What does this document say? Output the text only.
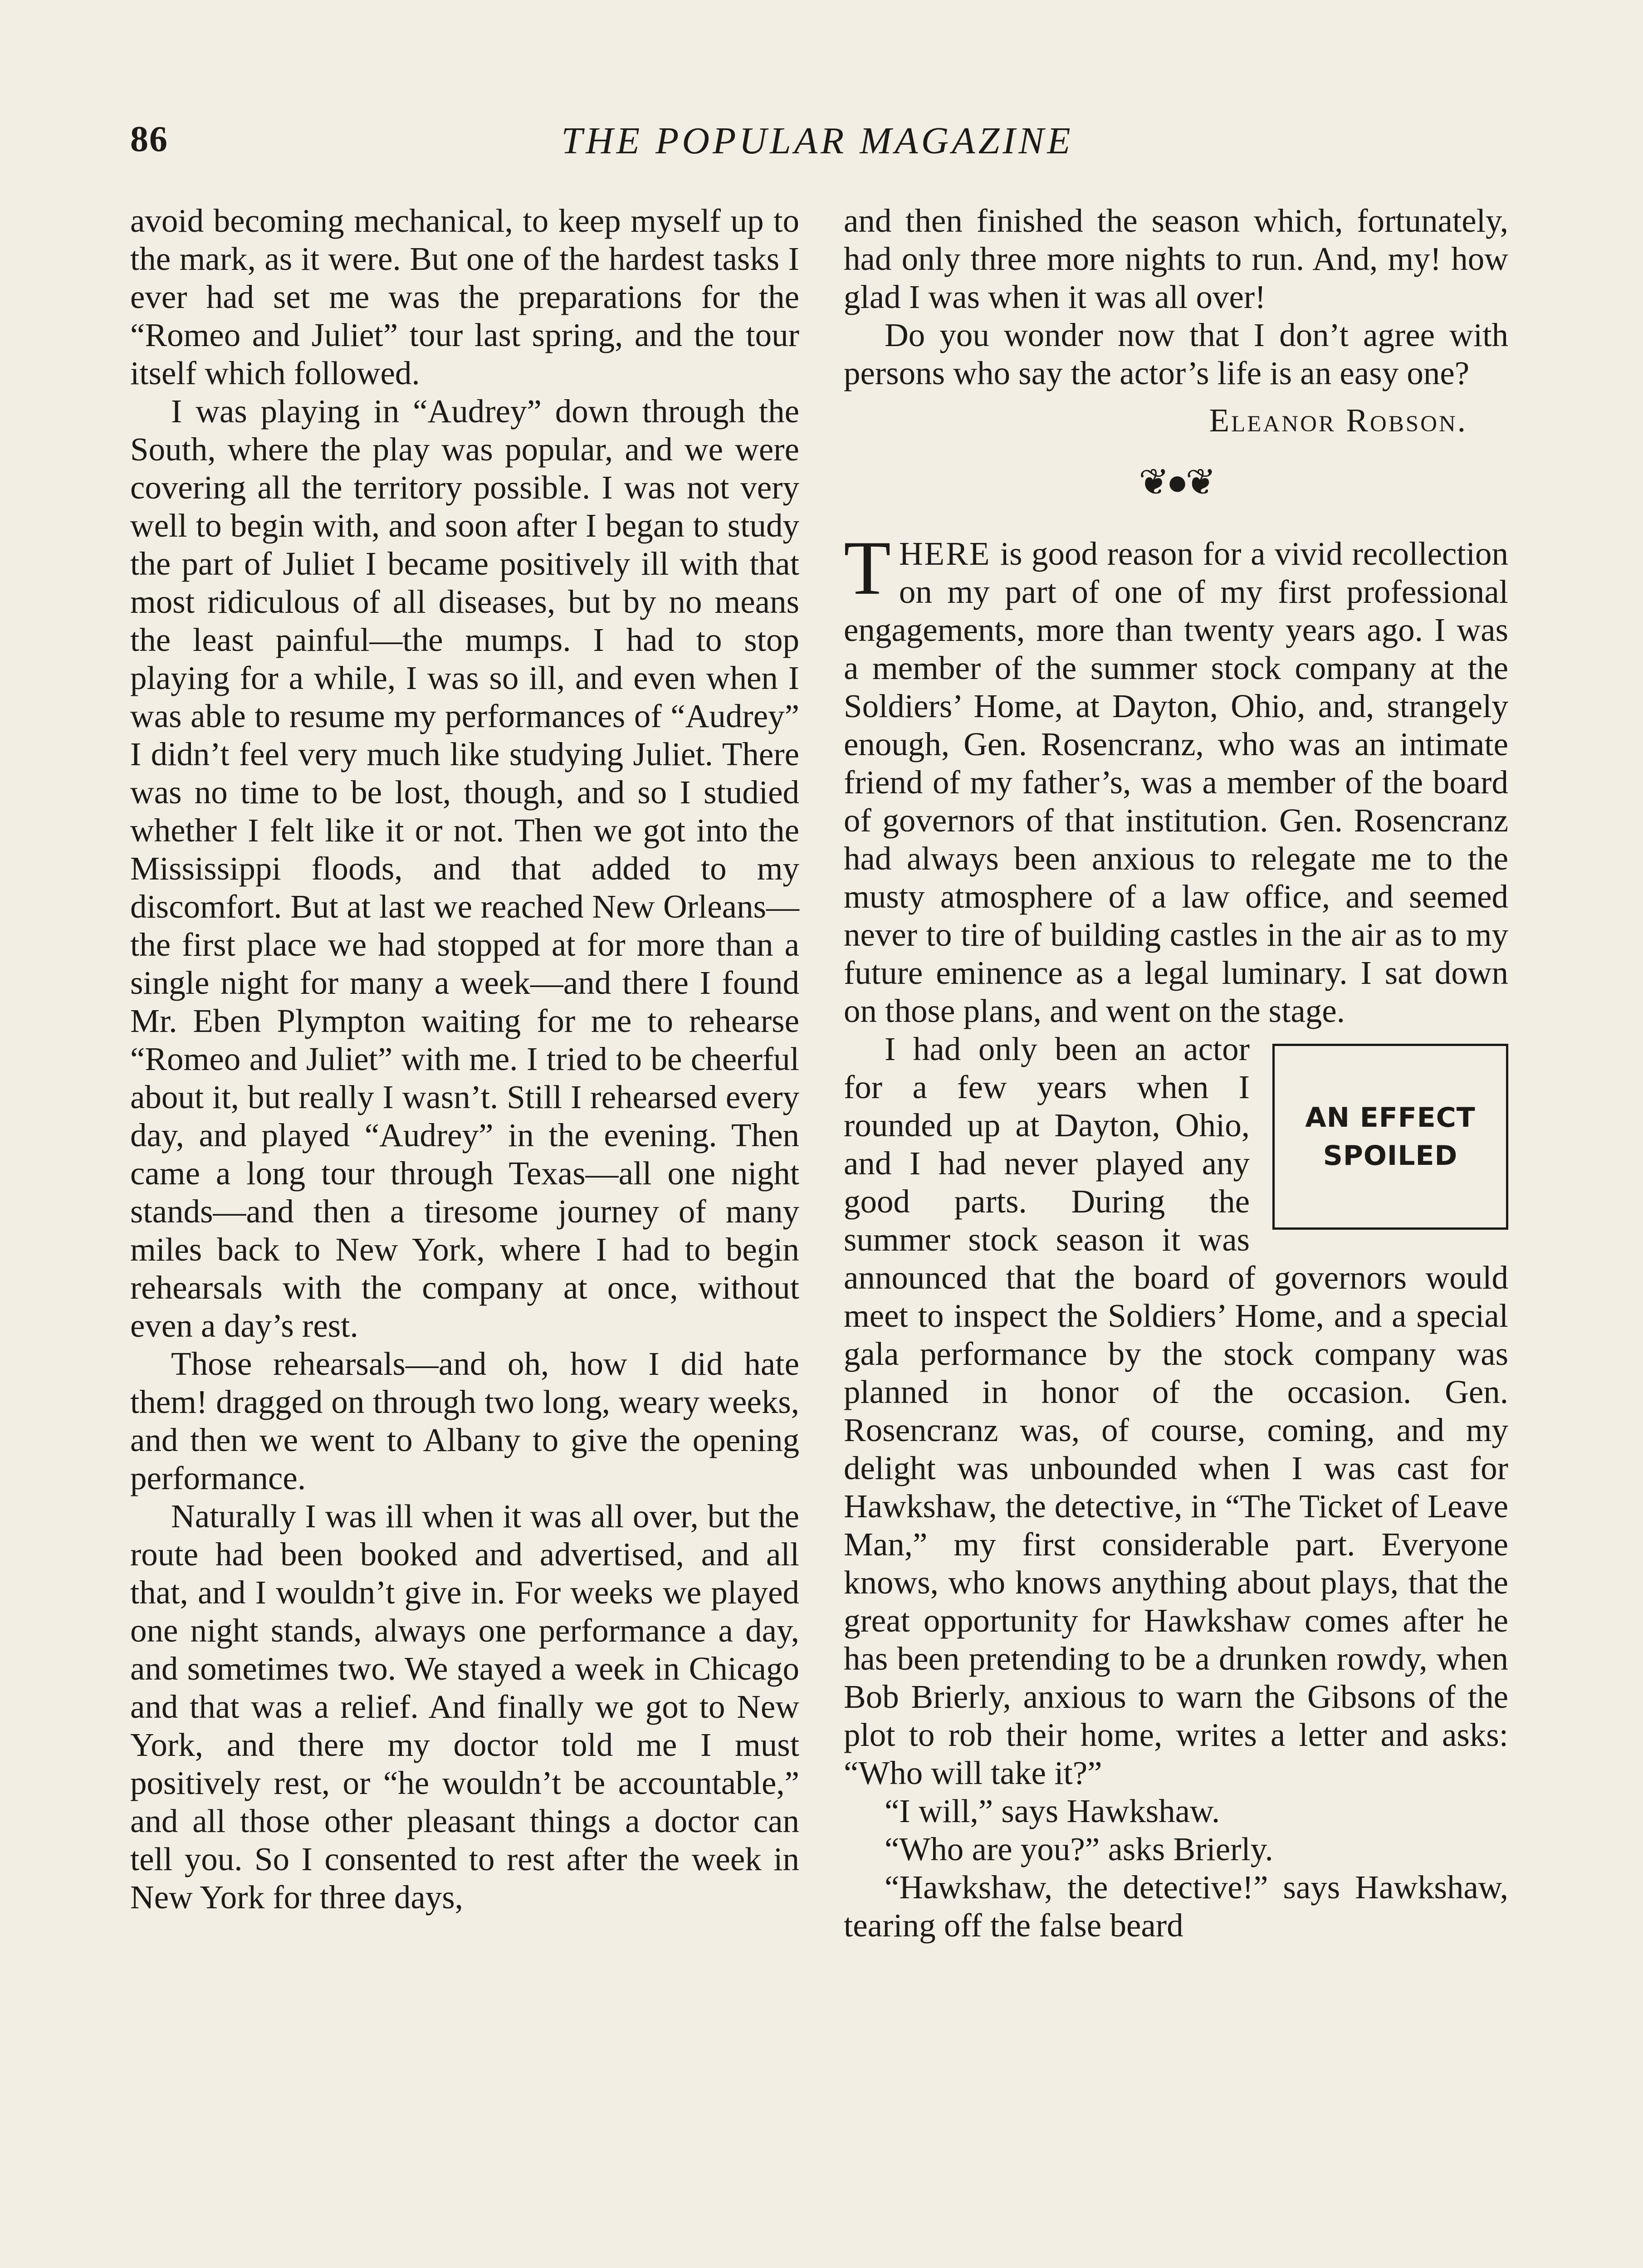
86	THE POPULAR MAGAZINE

avoid becoming mechanical, to keep myself up to the mark, as it were. But one of the hardest tasks I ever had set me was the preparations for the “Romeo and Juliet” tour last spring, and the tour itself which followed.

I was playing in “Audrey” down through the South, where the play was popular, and we were covering all the territory possible. I was not very well to begin with, and soon after I began to study the part of Juliet I became positively ill with that most ridiculous of all diseases, but by no means the least painful—the mumps. I had to stop playing for a while, I was so ill, and even when I was able to resume my performances of “Audrey” I didn’t feel very much like studying Juliet. There was no time to be lost, though, and so I studied whether I felt like it or not. Then we got into the Mississippi floods, and that added to my discomfort. But at last we reached New Orleans—the first place we had stopped at for more than a single night for many a week—and there I found Mr. Eben Plympton waiting for me to rehearse “Romeo and Juliet” with me. I tried to be cheerful about it, but really I wasn’t. Still I rehearsed every day, and played “Audrey” in the evening. Then came a long tour through Texas—all one night stands—and then a tiresome journey of many miles back to New York, where I had to begin rehearsals with the company at once, without even a day’s rest.

Those rehearsals—and oh, how I did hate them! dragged on through two long, weary weeks, and then we went to Albany to give the opening performance.

Naturally I was ill when it was all over, but the route had been booked and advertised, and all that, and I wouldn’t give in. For weeks we played one night stands, always one performance a day, and sometimes two. We stayed a week in Chicago and that was a relief. And finally we got to New York, and there my doctor told me I must positively rest, or “he wouldn’t be accountable,” and all those other pleasant things a doctor can tell you. So I consented to rest after the week in New York for three days,

and then finished the season which, fortunately, had only three more nights to run. And, my! how glad I was when it was all over!

Do you wonder now that I don’t agree with persons who say the actor’s life is an easy one?

Eleanor Robson.

❦●❦

THERE is good reason for a vivid recollection on my part of one of my first professional engagements, more than twenty years ago. I was a member of the summer stock company at the Soldiers’ Home, at Dayton, Ohio, and, strangely enough, Gen. Rosencranz, who was an intimate friend of my father’s, was a member of the board of governors of that institution. Gen. Rosencranz had always been anxious to relegate me to the musty atmosphere of a law office, and seemed never to tire of building castles in the air as to my future eminence as a legal luminary. I sat down on those plans, and went on the stage.

AN EFFECT SPOILED

I had only been an actor for a few years when I rounded up at Dayton, Ohio, and I had never played any good parts. During the summer stock season it was announced that the board of governors would meet to inspect the Soldiers’ Home, and a special gala performance by the stock company was planned in honor of the occasion. Gen. Rosencranz was, of course, coming, and my delight was unbounded when I was cast for Hawkshaw, the detective, in “The Ticket of Leave Man,” my first considerable part. Everyone knows, who knows anything about plays, that the great opportunity for Hawkshaw comes after he has been pretending to be a drunken rowdy, when Bob Brierly, anxious to warn the Gibsons of the plot to rob their home, writes a letter and asks: “Who will take it?”

“I will,” says Hawkshaw.

“Who are you?” asks Brierly.

“Hawkshaw, the detective!” says Hawkshaw, tearing off the false beard
